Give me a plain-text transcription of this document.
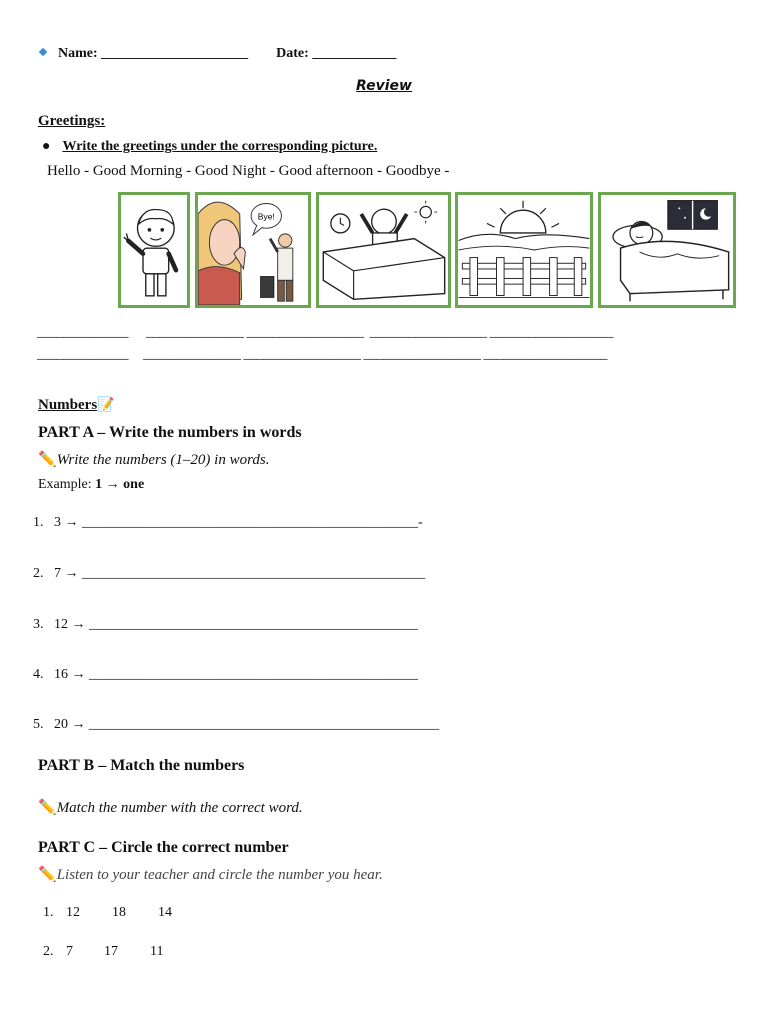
Name: _____________________ Date: ____________
Review
Greetings:
● Write the greetings under the corresponding picture.
Hello - Good Morning - Good Night - Good afternoon - Goodbye -
Bye!
______________      _______________ __________________  __________________ ___________________
______________     _______________ __________________ __________________ ___________________
Numbers📝
PART A – Write the numbers in words
✏️Write the numbers (1–20) in words.
Example: 1 → one
1. 3 → ________________________________________________-
2. 7 → _________________________________________________
3. 12 → _______________________________________________
4. 16 → _______________________________________________
5. 20 → __________________________________________________
PART B – Match the numbers
✏️Match the number with the correct word.
PART C – Circle the correct number
✏️Listen to your teacher and circle the number you hear.
1. 12 18 14
2. 7 17 11
